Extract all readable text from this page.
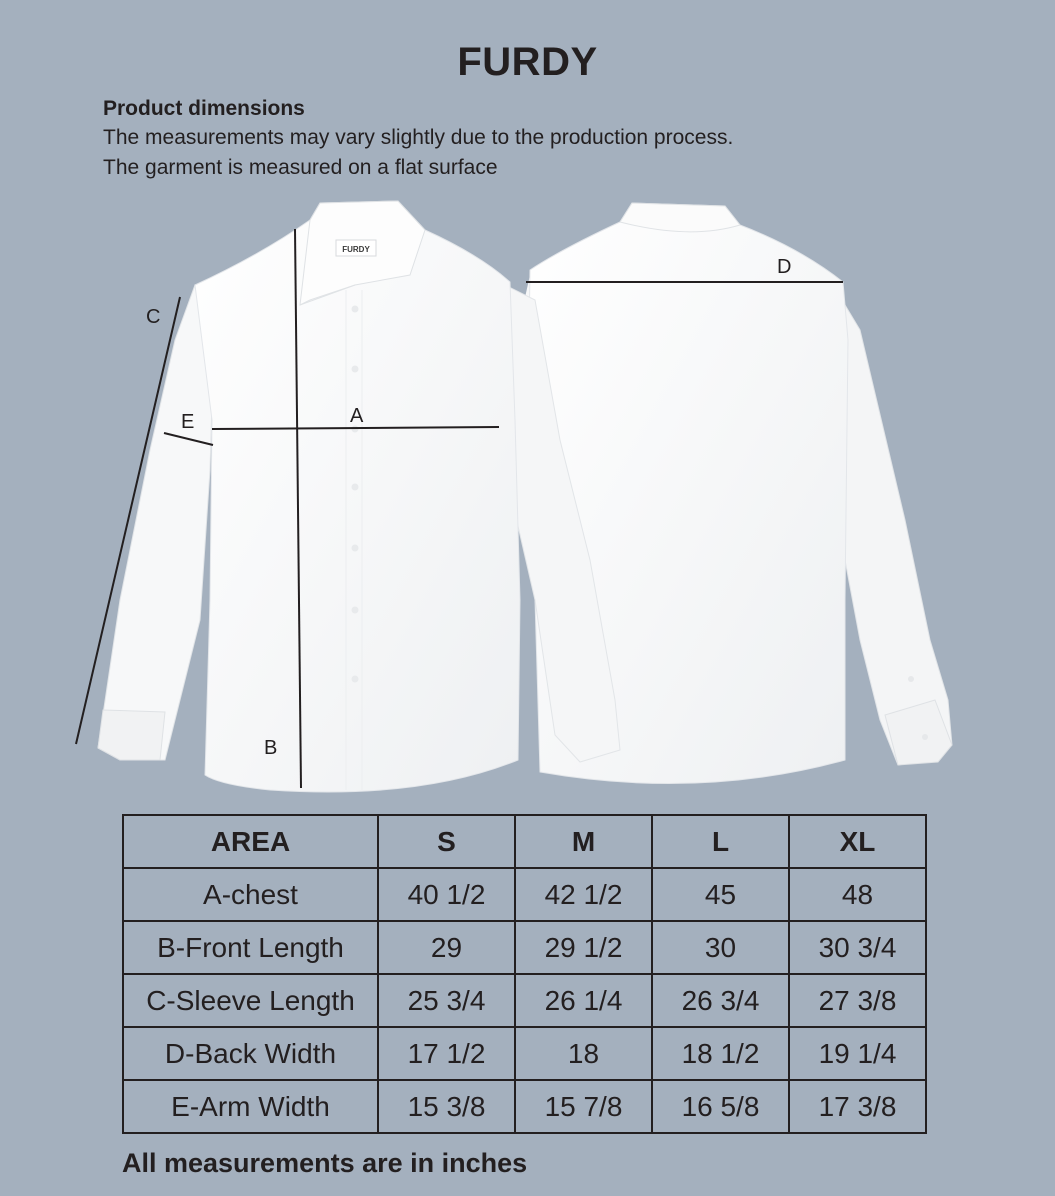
FURDY

Product dimensions

The measurements may vary slightly due to the production process.

The garment is measured on a flat surface

FURDY
C
E	A
B
D
AREA	S	M	L	XL
A-chest	40 1/2	42 1/2	45	48
B-Front Length	29	29 1/2	30	30 3/4
C-Sleeve Length	25 3/4	26 1/4	26 3/4	27 3/8
D-Back Width	17 1/2	18	18 1/2	19 1/4
E-Arm Width	15 3/8	15 7/8	16 5/8	17 3/8
All measurements are in inches
